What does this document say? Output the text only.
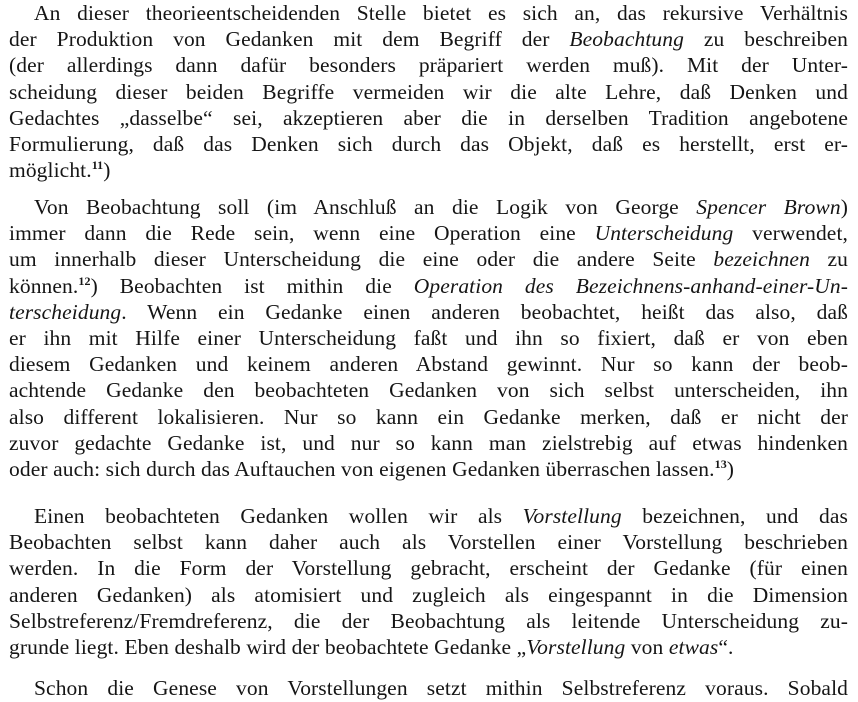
An dieser theorieentscheidenden Stelle bietet es sich an, das rekursive Verhältnis
der Produktion von Gedanken mit dem Begriff der Beobachtung zu beschreiben
(der allerdings dann dafür besonders präpariert werden muß). Mit der Unter-
scheidung dieser beiden Begriffe vermeiden wir die alte Lehre, daß Denken und
Gedachtes „dasselbe“ sei, akzeptieren aber die in derselben Tradition angebotene
Formulierung, daß das Denken sich durch das Objekt, daß es herstellt, erst er-
möglicht.$^{11}$)
Von Beobachtung soll (im Anschluß an die Logik von George Spencer Brown)
immer dann die Rede sein, wenn eine Operation eine Unterscheidung verwendet,
um innerhalb dieser Unterscheidung die eine oder die andere Seite bezeichnen zu
können.$^{12}$) Beobachten ist mithin die Operation des Bezeichnens-anhand-einer-Un-
terscheidung. Wenn ein Gedanke einen anderen beobachtet, heißt das also, daß
er ihn mit Hilfe einer Unterscheidung faßt und ihn so fixiert, daß er von eben
diesem Gedanken und keinem anderen Abstand gewinnt. Nur so kann der beob-
achtende Gedanke den beobachteten Gedanken von sich selbst unterscheiden, ihn
also different lokalisieren. Nur so kann ein Gedanke merken, daß er nicht der
zuvor gedachte Gedanke ist, und nur so kann man zielstrebig auf etwas hindenken
oder auch: sich durch das Auftauchen von eigenen Gedanken überraschen lassen.$^{13}$)
Einen beobachteten Gedanken wollen wir als Vorstellung bezeichnen, und das
Beobachten selbst kann daher auch als Vorstellen einer Vorstellung beschrieben
werden. In die Form der Vorstellung gebracht, erscheint der Gedanke (für einen
anderen Gedanken) als atomisiert und zugleich als eingespannt in die Dimension
Selbstreferenz/Fremdreferenz, die der Beobachtung als leitende Unterscheidung zu-
grunde liegt. Eben deshalb wird der beobachtete Gedanke „Vorstellung von etwas“.
Schon die Genese von Vorstellungen setzt mithin Selbstreferenz voraus. Sobald
